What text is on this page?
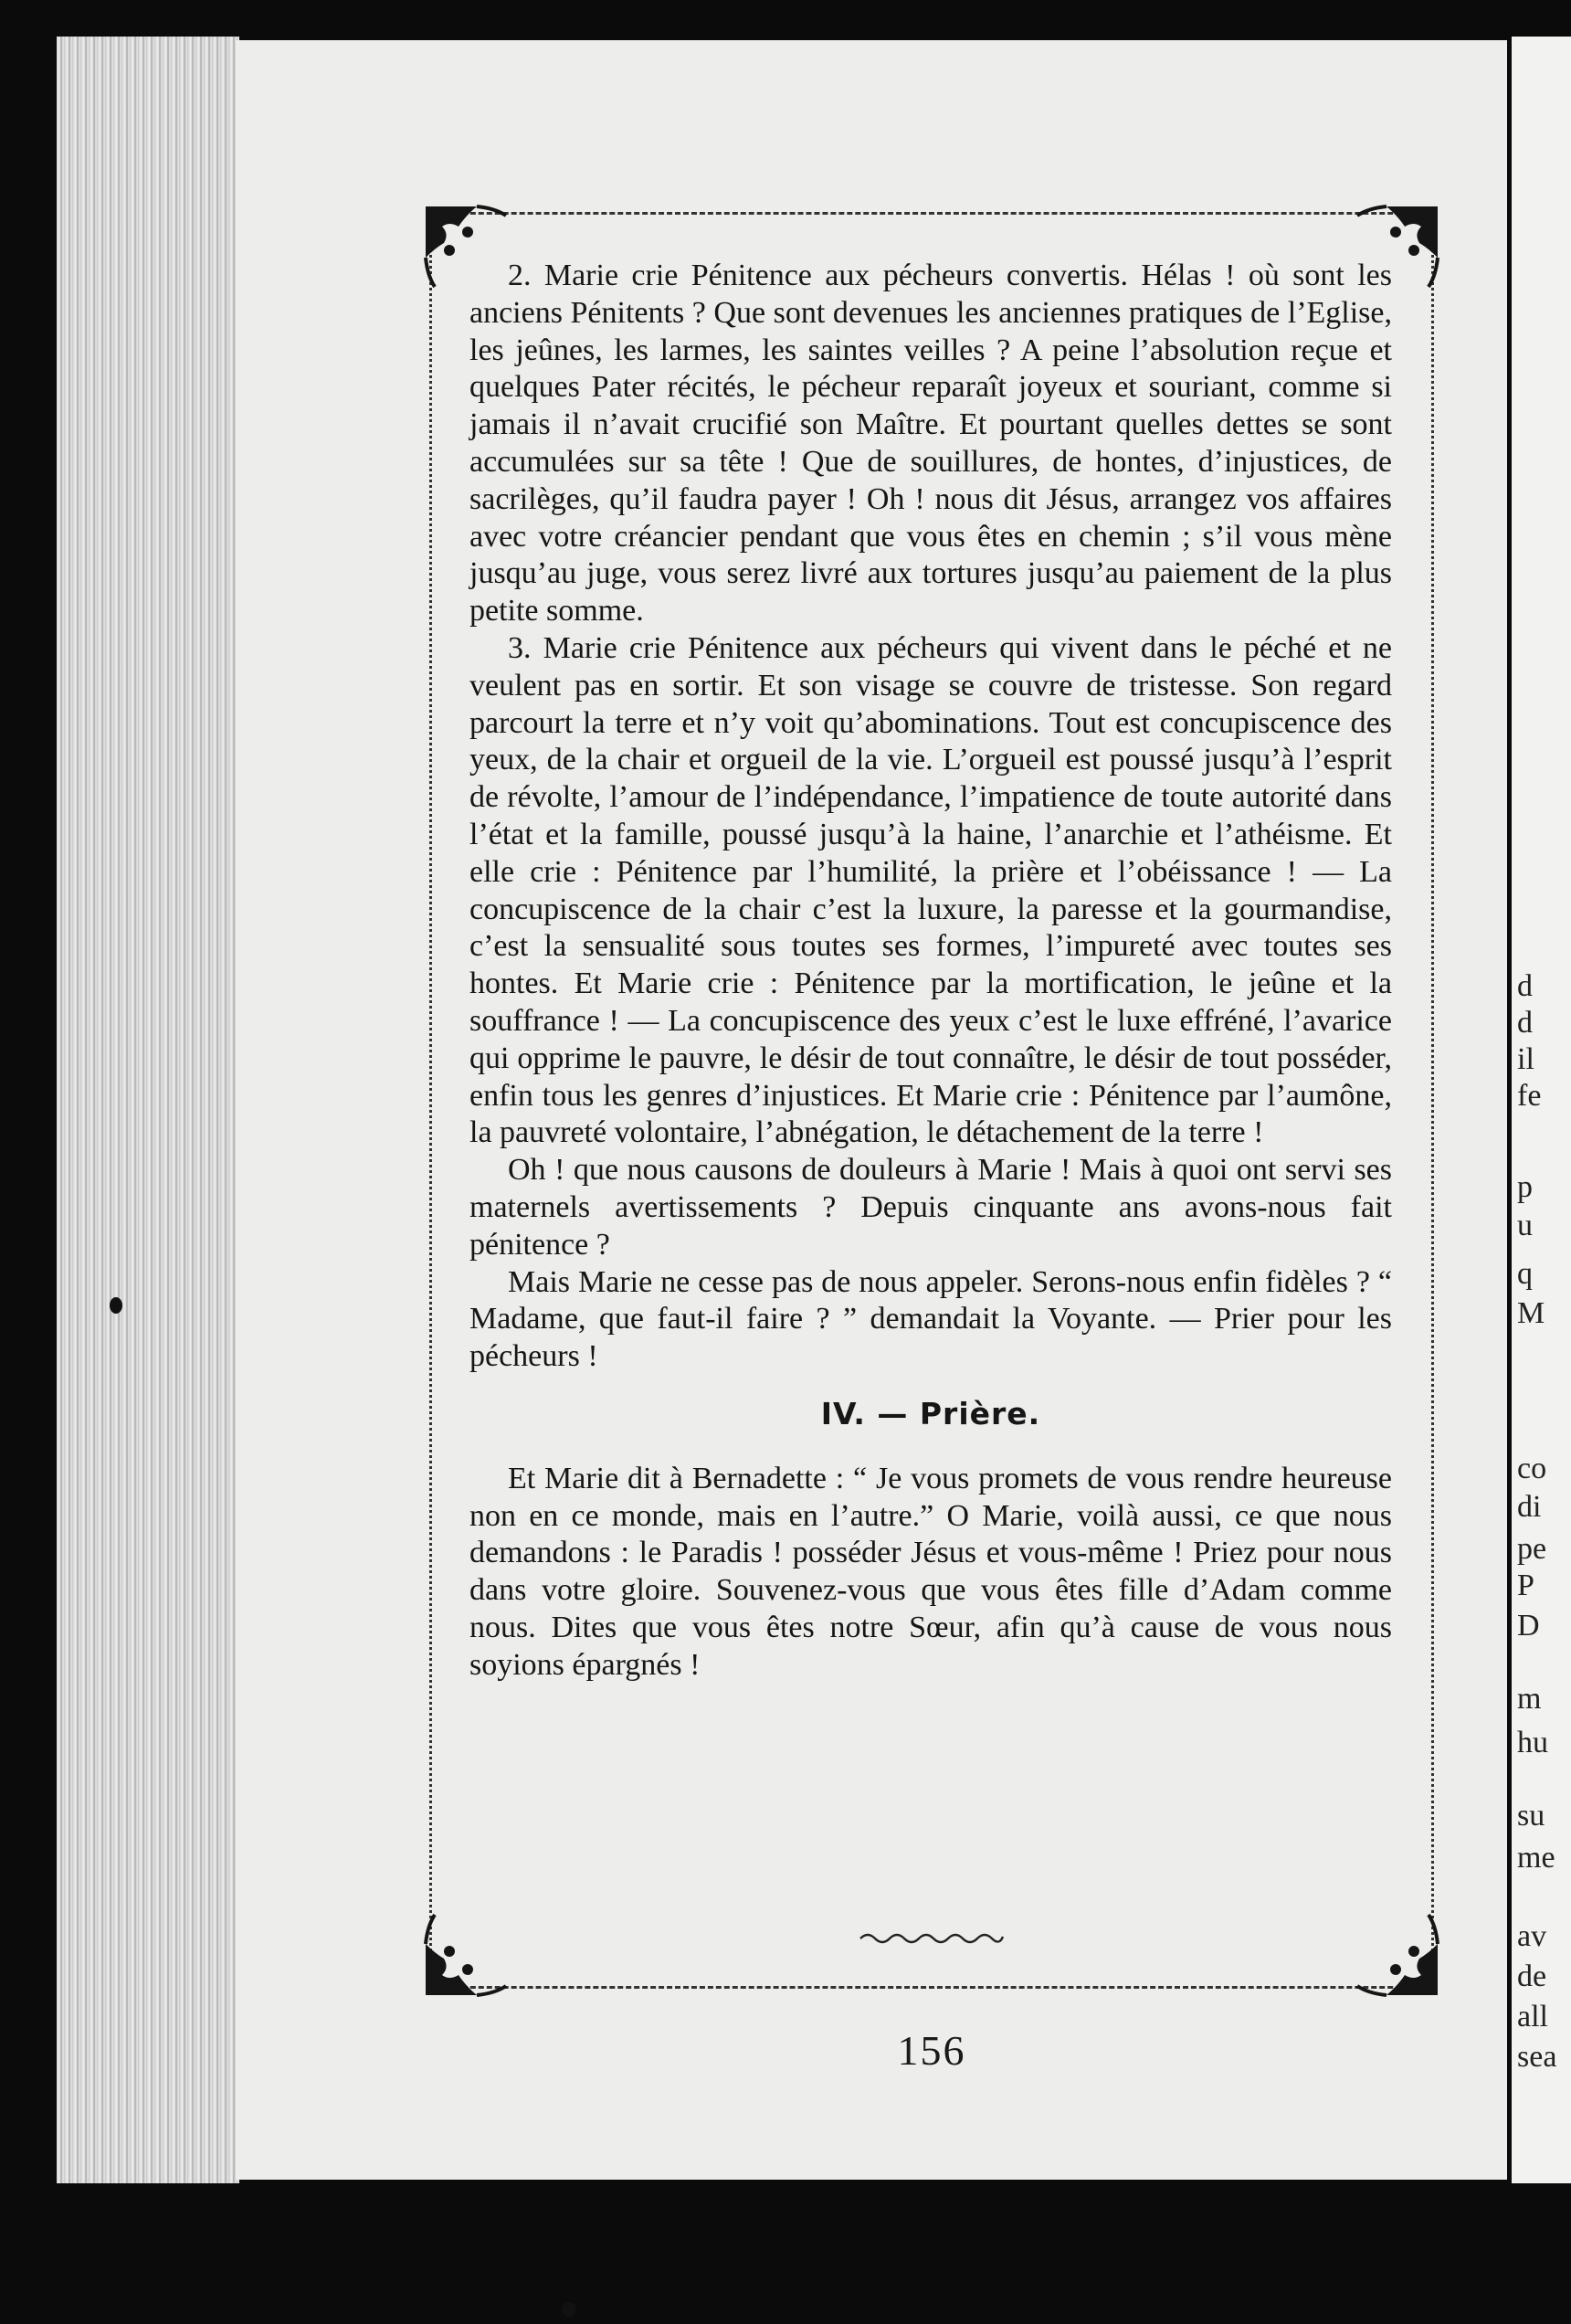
d
d
il
fe
p
u
q
M
co
di
pe
P
D
m
hu
su
me
av
de
all
sea

2. Marie crie Pénitence aux pécheurs convertis. Hélas ! où sont les anciens Pénitents ? Que sont devenues les anciennes pratiques de l’Eglise, les jeûnes, les larmes, les saintes veilles ? A peine l’absolution reçue et quelques Pater récités, le pécheur reparaît joyeux et souriant, comme si jamais il n’avait crucifié son Maître. Et pourtant quelles dettes se sont accumulées sur sa tête ! Que de souillures, de hontes, d’injustices, de sacrilèges, qu’il faudra payer ! Oh ! nous dit Jésus, arrangez vos affaires avec votre créancier pendant que vous êtes en chemin ; s’il vous mène jusqu’au juge, vous serez livré aux tortures jusqu’au paiement de la plus petite somme.

3. Marie crie Pénitence aux pécheurs qui vivent dans le péché et ne veulent pas en sortir. Et son visage se couvre de tristesse. Son regard parcourt la terre et n’y voit qu’abominations. Tout est concupiscence des yeux, de la chair et orgueil de la vie. L’orgueil est poussé jusqu’à l’esprit de révolte, l’amour de l’indépendance, l’impatience de toute autorité dans l’état et la famille, poussé jusqu’à la haine, l’anarchie et l’athéisme. Et elle crie : Pénitence par l’humilité, la prière et l’obéissance ! — La concupiscence de la chair c’est la luxure, la paresse et la gourmandise, c’est la sensualité sous toutes ses formes, l’impureté avec toutes ses hontes. Et Marie crie : Pénitence par la mortification, le jeûne et la souffrance ! — La concupiscence des yeux c’est le luxe effréné, l’avarice qui opprime le pauvre, le désir de tout connaître, le désir de tout posséder, enfin tous les genres d’injustices. Et Marie crie : Pénitence par l’aumône, la pauvreté volontaire, l’abnégation, le détachement de la terre !

Oh ! que nous causons de douleurs à Marie ! Mais à quoi ont servi ses maternels avertissements ? Depuis cinquante ans avons-nous fait pénitence ?

Mais Marie ne cesse pas de nous appeler. Serons-nous enfin fidèles ? “ Madame, que faut-il faire ? ” demandait la Voyante. — Prier pour les pécheurs !

IV. — Prière.

Et Marie dit à Bernadette : “ Je vous promets de vous rendre heureuse non en ce monde, mais en l’autre.” O Marie, voilà aussi, ce que nous demandons : le Paradis ! posséder Jésus et vous-même ! Priez pour nous dans votre gloire. Souvenez-vous que vous êtes fille d’Adam comme nous. Dites que vous êtes notre Sœur, afin qu’à cause de vous nous soyions épargnés !

156
